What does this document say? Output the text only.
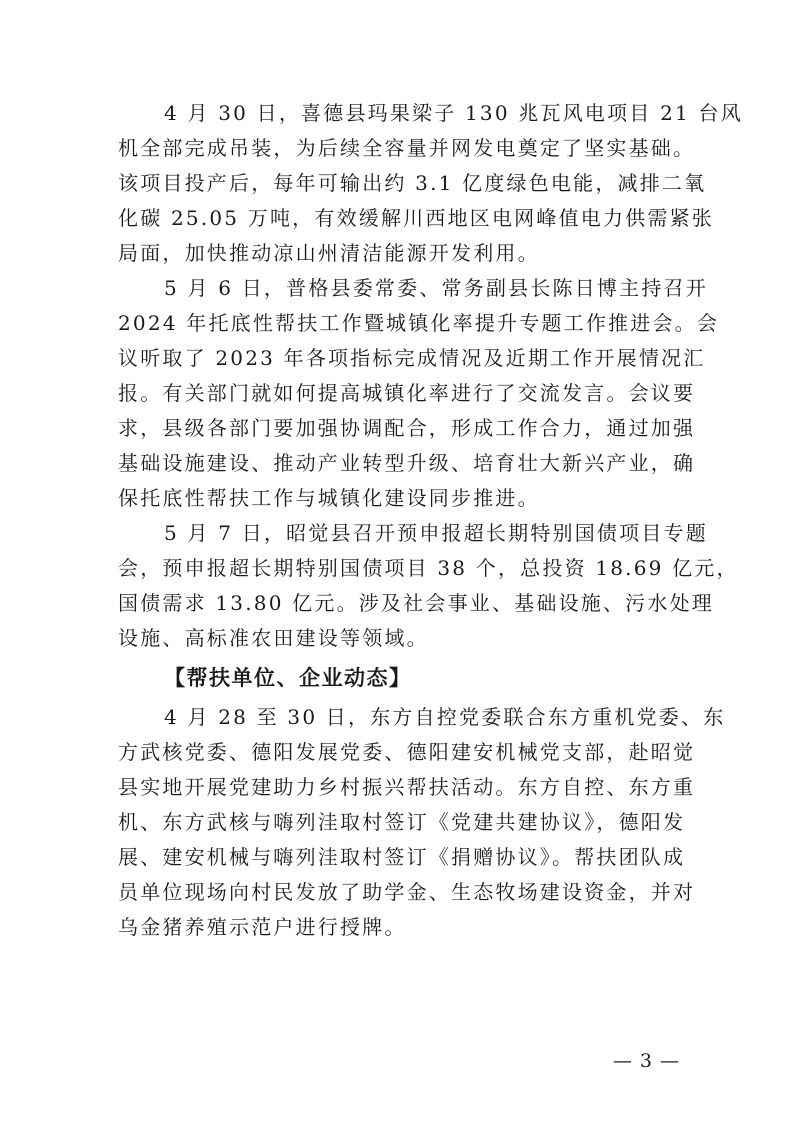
4 月 30 日，喜德县玛果梁子 130 兆瓦风电项目 21 台风
机全部完成吊装，为后续全容量并网发电奠定了坚实基础。
该项目投产后，每年可输出约 3.1 亿度绿色电能，减排二氧
化碳 25.05 万吨，有效缓解川西地区电网峰值电力供需紧张
局面，加快推动凉山州清洁能源开发利用。
5 月 6 日，普格县委常委、常务副县长陈日博主持召开
2024 年托底性帮扶工作暨城镇化率提升专题工作推进会。会
议听取了 2023 年各项指标完成情况及近期工作开展情况汇
报。有关部门就如何提高城镇化率进行了交流发言。会议要
求，县级各部门要加强协调配合，形成工作合力，通过加强
基础设施建设、推动产业转型升级、培育壮大新兴产业，确
保托底性帮扶工作与城镇化建设同步推进。
5 月 7 日，昭觉县召开预申报超长期特别国债项目专题
会，预申报超长期特别国债项目 38 个，总投资 18.69 亿元，
国债需求 13.80 亿元。涉及社会事业、基础设施、污水处理
设施、高标准农田建设等领域。
【帮扶单位、企业动态】
4 月 28 至 30 日，东方自控党委联合东方重机党委、东
方武核党委、德阳发展党委、德阳建安机械党支部，赴昭觉
县实地开展党建助力乡村振兴帮扶活动。东方自控、东方重
机、东方武核与嗨列洼取村签订《党建共建协议》，德阳发
展、建安机械与嗨列洼取村签订《捐赠协议》。帮扶团队成
员单位现场向村民发放了助学金、生态牧场建设资金，并对
乌金猪养殖示范户进行授牌。
— 3 —
